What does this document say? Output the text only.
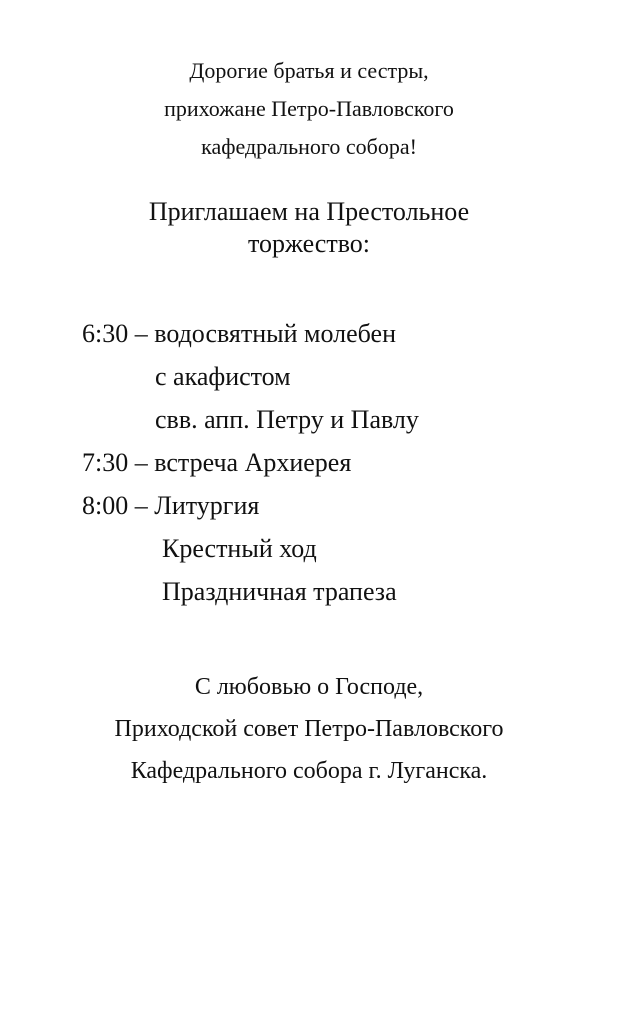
Дорогие братья и сестры,
прихожане Петро-Павловского
кафедрального собора!
Приглашаем на Престольное
торжество:
6:30 – водосвятный молебен
с акафистом
свв. апп. Петру и Павлу
7:30 – встреча Архиерея
8:00 – Литургия
Крестный ход
Праздничная трапеза
С любовью о Господе,
Приходской совет Петро-Павловского
Кафедрального собора г. Луганска.
